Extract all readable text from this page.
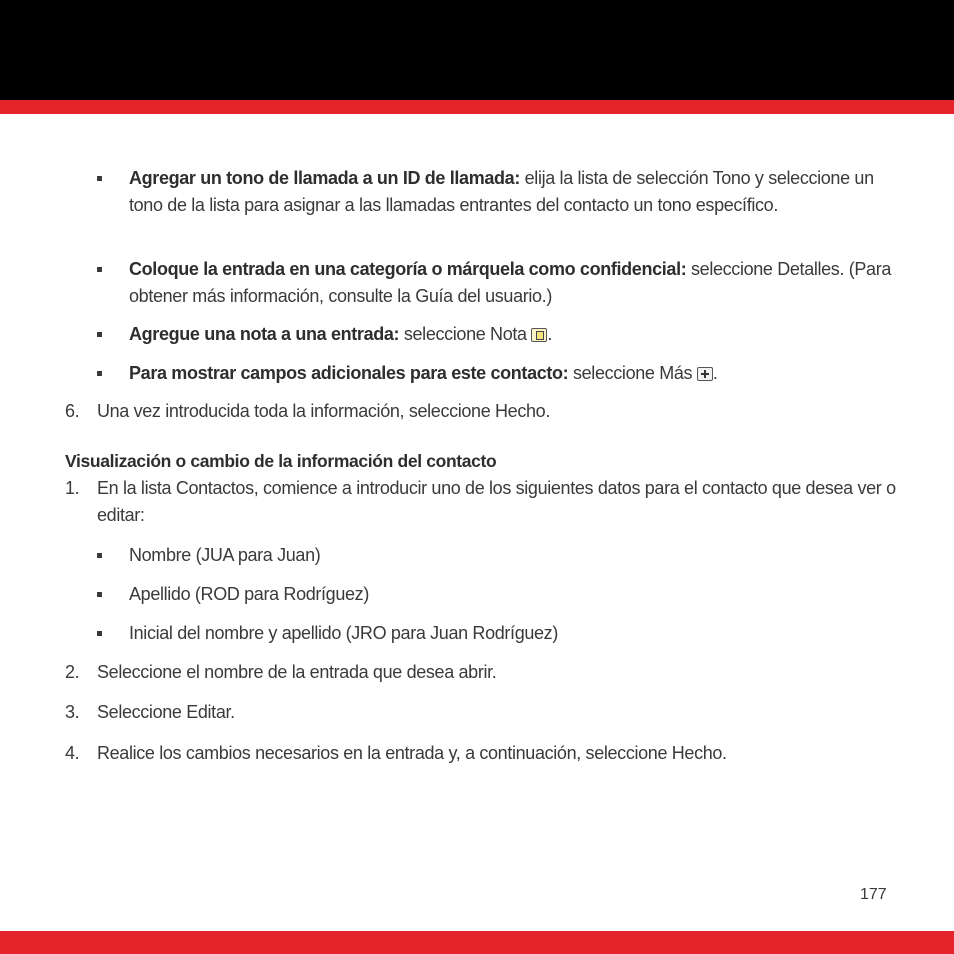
Agregar un tono de llamada a un ID de llamada: elija la lista de selección Tono y seleccione un tono de la lista para asignar a las llamadas entrantes del contacto un tono específico.
Coloque la entrada en una categoría o márquela como confidencial: seleccione Detalles. (Para obtener más información, consulte la Guía del usuario.)
Agregue una nota a una entrada: seleccione Nota .
Para mostrar campos adicionales para este contacto: seleccione Más .
6. Una vez introducida toda la información, seleccione Hecho.
Visualización o cambio de la información del contacto
1. En la lista Contactos, comience a introducir uno de los siguientes datos para el contacto que desea ver o editar:
Nombre (JUA para Juan)
Apellido (ROD para Rodríguez)
Inicial del nombre y apellido (JRO para Juan Rodríguez)
2. Seleccione el nombre de la entrada que desea abrir.
3. Seleccione Editar.
4. Realice los cambios necesarios en la entrada y, a continuación, seleccione Hecho.
177
